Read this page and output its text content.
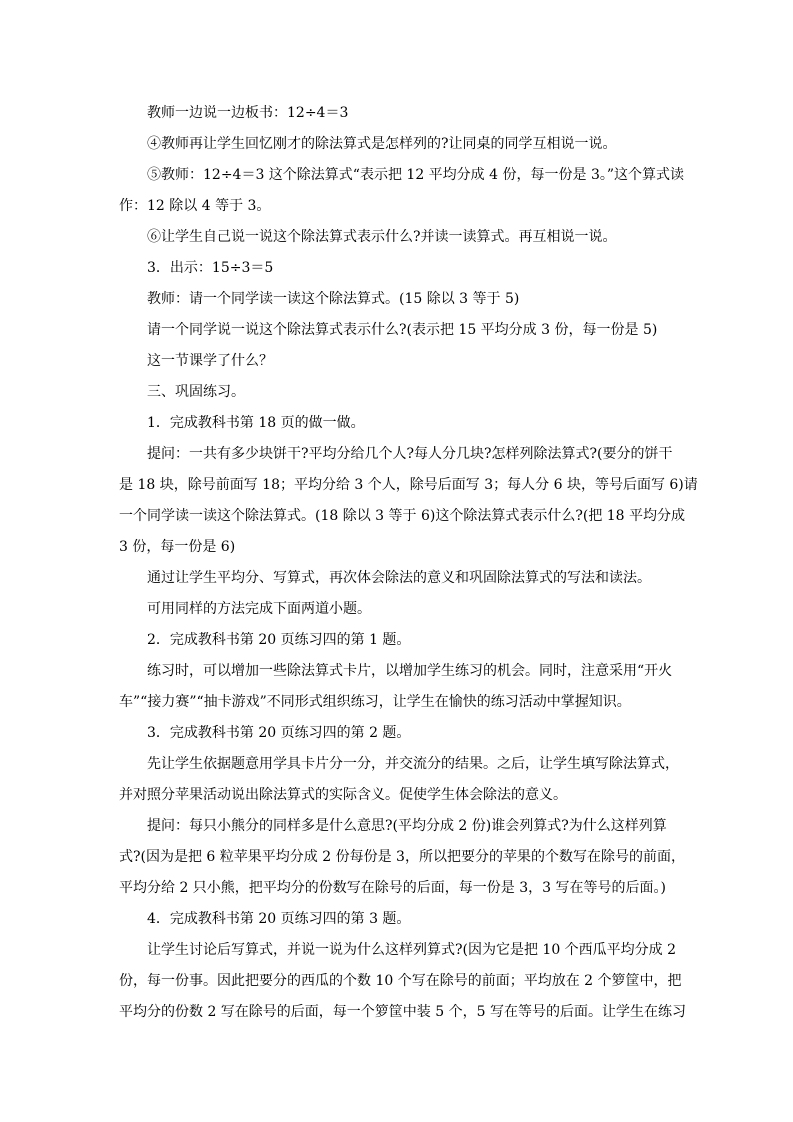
教师一边说一边板书：12÷4＝3
④教师再让学生回忆刚才的除法算式是怎样列的?让同桌的同学互相说一说。
⑤教师：12÷4＝3 这个除法算式“表示把 12 平均分成 4 份，每一份是 3。”这个算式读
作：12 除以 4 等于 3。
⑥让学生自己说一说这个除法算式表示什么?并读一读算式。再互相说一说。
3．出示：15÷3＝5
教师：请一个同学读一读这个除法算式。(15 除以 3 等于 5)
请一个同学说一说这个除法算式表示什么?(表示把 15 平均分成 3 份，每一份是 5)
这一节课学了什么？
三、巩固练习。
1．完成教科书第 18 页的做一做。
提问：一共有多少块饼干?平均分给几个人?每人分几块?怎样列除法算式?(要分的饼干
是 18 块，除号前面写 18；平均分给 3 个人，除号后面写 3；每人分 6 块，等号后面写 6)请
一个同学读一读这个除法算式。(18 除以 3 等于 6)这个除法算式表示什么?(把 18 平均分成
3 份，每一份是 6)
通过让学生平均分、写算式，再次体会除法的意义和巩固除法算式的写法和读法。
可用同样的方法完成下面两道小题。
2．完成教科书第 20 页练习四的第 1 题。
练习时，可以增加一些除法算式卡片，以增加学生练习的机会。同时，注意采用“开火
车”“接力赛”“抽卡游戏”不同形式组织练习，让学生在愉快的练习活动中掌握知识。
3．完成教科书第 20 页练习四的第 2 题。
先让学生依据题意用学具卡片分一分，并交流分的结果。之后，让学生填写除法算式，
并对照分苹果活动说出除法算式的实际含义。促使学生体会除法的意义。
提问：每只小熊分的同样多是什么意思?(平均分成 2 份)谁会列算式?为什么这样列算
式?(因为是把 6 粒苹果平均分成 2 份每份是 3，所以把要分的苹果的个数写在除号的前面，
平均分给 2 只小熊，把平均分的份数写在除号的后面，每一份是 3，3 写在等号的后面。)
4．完成教科书第 20 页练习四的第 3 题。
让学生讨论后写算式，并说一说为什么这样列算式?(因为它是把 10 个西瓜平均分成 2
份，每一份事。因此把要分的西瓜的个数 10 个写在除号的前面；平均放在 2 个箩筐中，把
平均分的份数 2 写在除号的后面，每一个箩筐中装 5 个，5 写在等号的后面。让学生在练习
